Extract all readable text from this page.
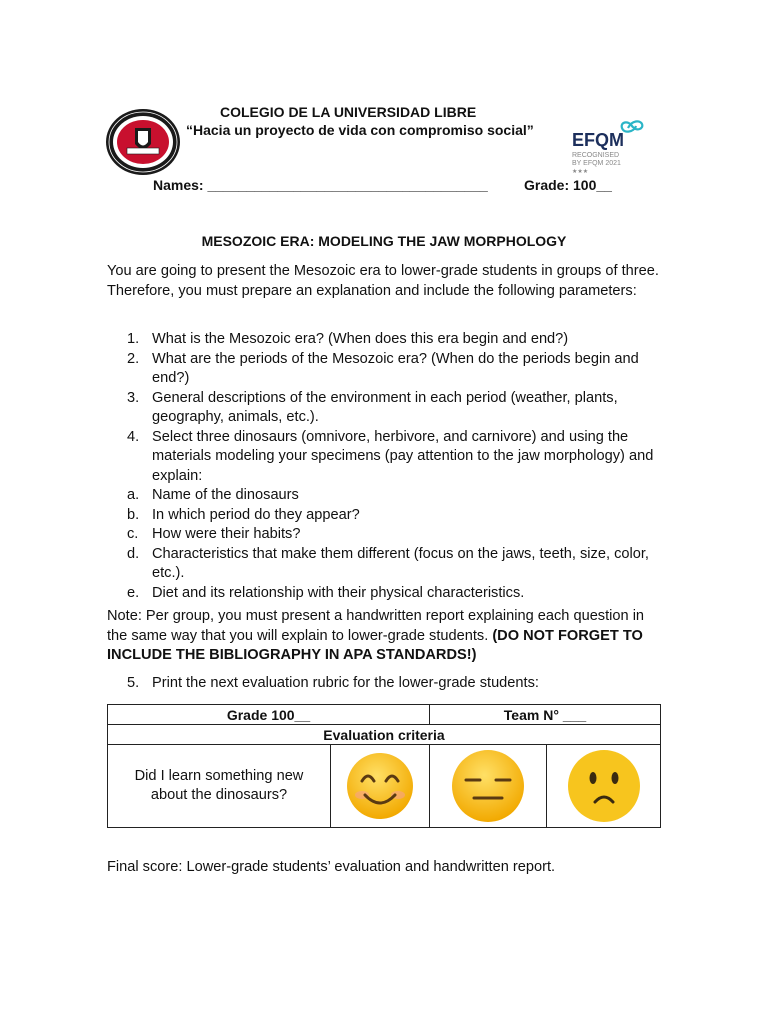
COLEGIO DE LA UNIVERSIDAD LIBRE
“Hacia un proyecto de vida con compromiso social” EFQM
RECOGNISED
BY EFQM 2021
★★★
Names: ____________________________________	Grade: 100__
MESOZOIC ERA: MODELING THE JAW MORPHOLOGY

You are going to present the Mesozoic era to lower-grade students in groups of three. Therefore, you must prepare an explanation and include the following parameters:

1. What is the Mesozoic era? (When does this era begin and end?)
2. What are the periods of the Mesozoic era? (When do the periods begin and end?)
3. General descriptions of the environment in each period (weather, plants, geography, animals, etc.).
4. Select three dinosaurs (omnivore, herbivore, and carnivore) and using the materials modeling your specimens (pay attention to the jaw morphology) and explain:
a. Name of the dinosaurs
b. In which period do they appear?
c. How were their habits?
d. Characteristics that make them different (focus on the jaws, teeth, size, color, etc.).
e. Diet and its relationship with their physical characteristics.

Note: Per group, you must present a handwritten report explaining each question in the same way that you will explain to lower-grade students. (DO NOT FORGET TO INCLUDE THE BIBLIOGRAPHY IN APA STANDARDS!)

5. Print the next evaluation rubric for the lower-grade students:
Grade 100__		Team N° ___	
Evaluation criteria			
Did I learn something new about the dinosaurs?	

Final score: Lower-grade students’ evaluation and handwritten report.
